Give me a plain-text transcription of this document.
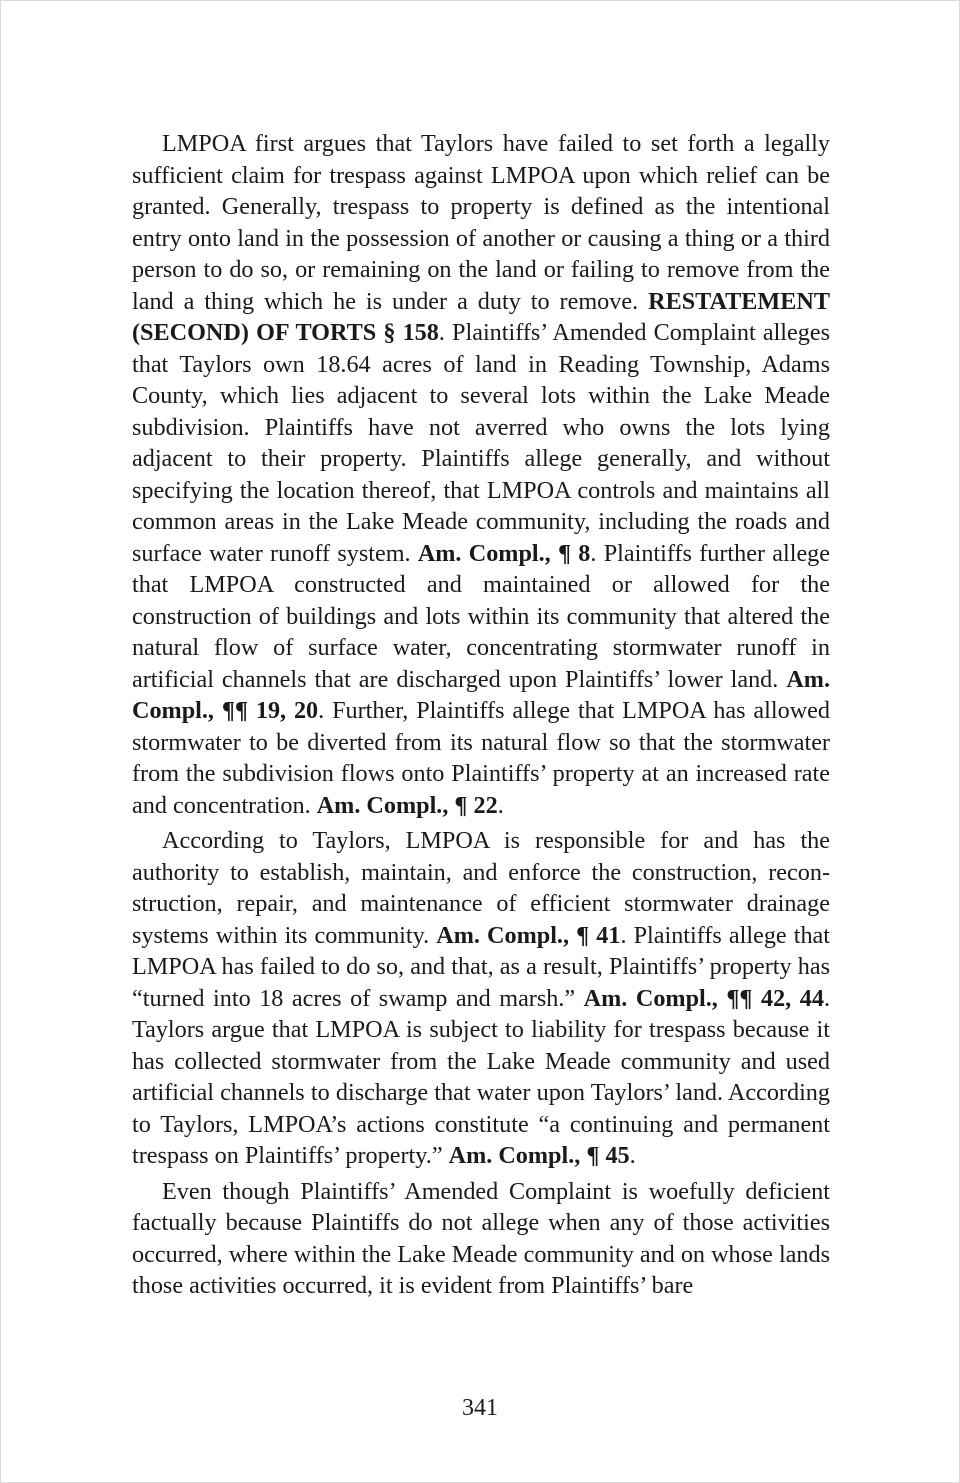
LMPOA first argues that Taylors have failed to set forth a legally sufficient claim for trespass against LMPOA upon which relief can be granted. Generally, trespass to property is defined as the intentional entry onto land in the possession of another or causing a thing or a third person to do so, or remaining on the land or failing to remove from the land a thing which he is under a duty to remove. RESTATEMENT (SECOND) OF TORTS § 158. Plaintiffs’ Amended Complaint alleges that Taylors own 18.64 acres of land in Reading Township, Adams County, which lies adjacent to several lots within the Lake Meade subdivision. Plaintiffs have not averred who owns the lots lying adjacent to their property. Plaintiffs allege generally, and without specifying the location thereof, that LMPOA controls and maintains all common areas in the Lake Meade community, including the roads and surface water runoff system. Am. Compl., ¶ 8. Plaintiffs further allege that LMPOA constructed and maintained or allowed for the construction of buildings and lots within its community that altered the natural flow of surface water, concentrating stormwater runoff in artificial channels that are discharged upon Plaintiffs’ lower land. Am. Compl., ¶¶ 19, 20. Further, Plaintiffs allege that LMPOA has allowed stormwater to be diverted from its natural flow so that the stormwater from the subdivision flows onto Plaintiffs’ property at an increased rate and concentration. Am. Compl., ¶ 22.

According to Taylors, LMPOA is responsible for and has the authority to establish, maintain, and enforce the construction, reconstruction, repair, and maintenance of efficient stormwater drainage systems within its community. Am. Compl., ¶ 41. Plaintiffs allege that LMPOA has failed to do so, and that, as a result, Plaintiffs’ property has “turned into 18 acres of swamp and marsh.” Am. Compl., ¶¶ 42, 44. Taylors argue that LMPOA is subject to liability for trespass because it has collected stormwater from the Lake Meade community and used artificial channels to discharge that water upon Taylors’ land. According to Taylors, LMPOA’s actions constitute “a continuing and permanent trespass on Plaintiffs’ property.” Am. Compl., ¶ 45.

Even though Plaintiffs’ Amended Complaint is woefully deficient factually because Plaintiffs do not allege when any of those activities occurred, where within the Lake Meade community and on whose lands those activities occurred, it is evident from Plaintiffs’ bare

341
